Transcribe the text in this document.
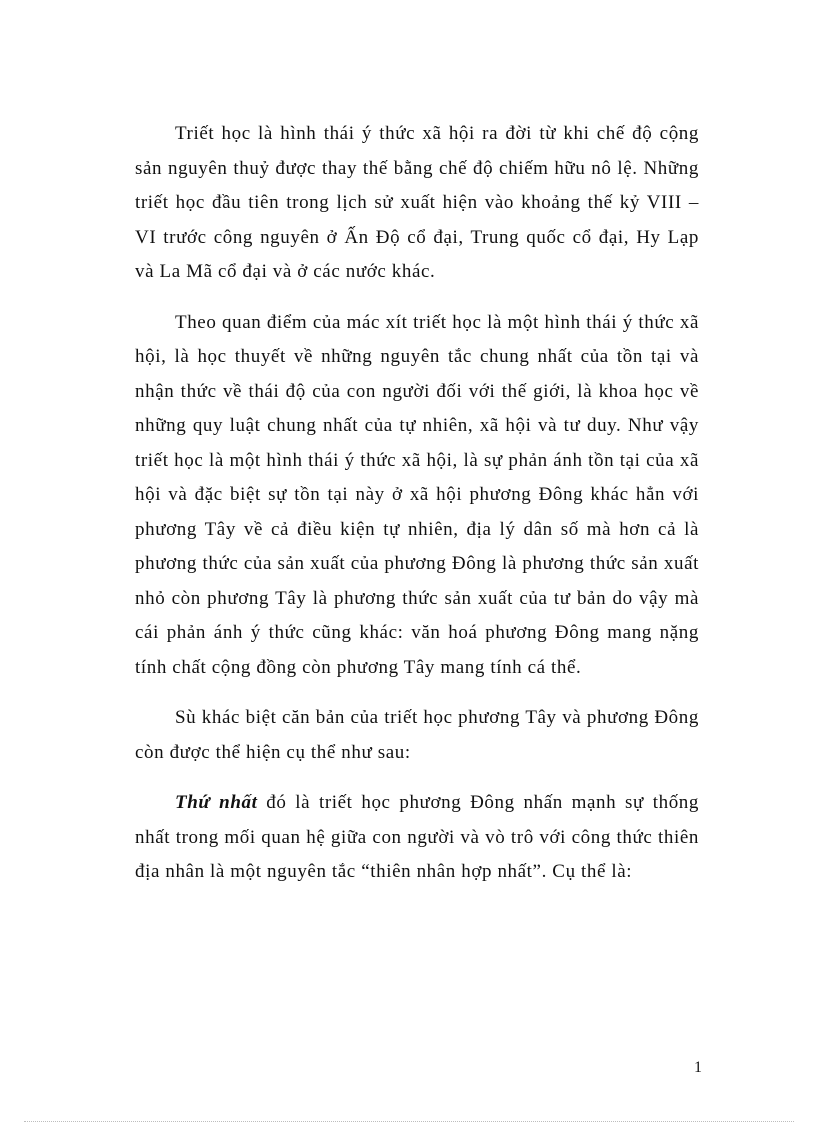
Triết học là hình thái ý thức xã hội ra đời từ khi chế độ cộng sản nguyên thuỷ được thay thế bằng chế độ chiếm hữu nô lệ. Những triết học đầu tiên trong lịch sử xuất hiện vào khoảng thế kỷ VIII – VI trước công nguyên ở Ấn Độ cổ đại, Trung quốc cổ đại, Hy Lạp và La Mã cổ đại và ở các nước khác.

Theo quan điểm của mác xít triết học là một hình thái ý thức xã hội, là học thuyết về những nguyên tắc chung nhất của tồn tại và nhận thức về thái độ của con người đối với thế giới, là khoa học về những quy luật chung nhất của tự nhiên, xã hội và tư duy. Như vậy triết học là một hình thái ý thức xã hội, là sự phản ánh tồn tại của xã hội và đặc biệt sự tồn tại này ở xã hội phương Đông khác hẳn với phương Tây về cả điều kiện tự nhiên, địa lý dân số mà hơn cả là phương thức của sản xuất của phương Đông là phương thức sản xuất nhỏ còn phương Tây là phương thức sản xuất của tư bản do vậy mà cái phản ánh ý thức cũng khác: văn hoá phương Đông mang nặng tính chất cộng đồng còn phương Tây mang tính cá thể.

Sù khác biệt căn bản của triết học phương Tây và phương Đông còn được thể hiện cụ thể như sau:

Thứ nhất đó là triết học phương Đông nhấn mạnh sự thống nhất trong mối quan hệ giữa con người và vò trô với công thức thiên địa nhân là một nguyên tắc “thiên nhân hợp nhất”. Cụ thể là:

1
